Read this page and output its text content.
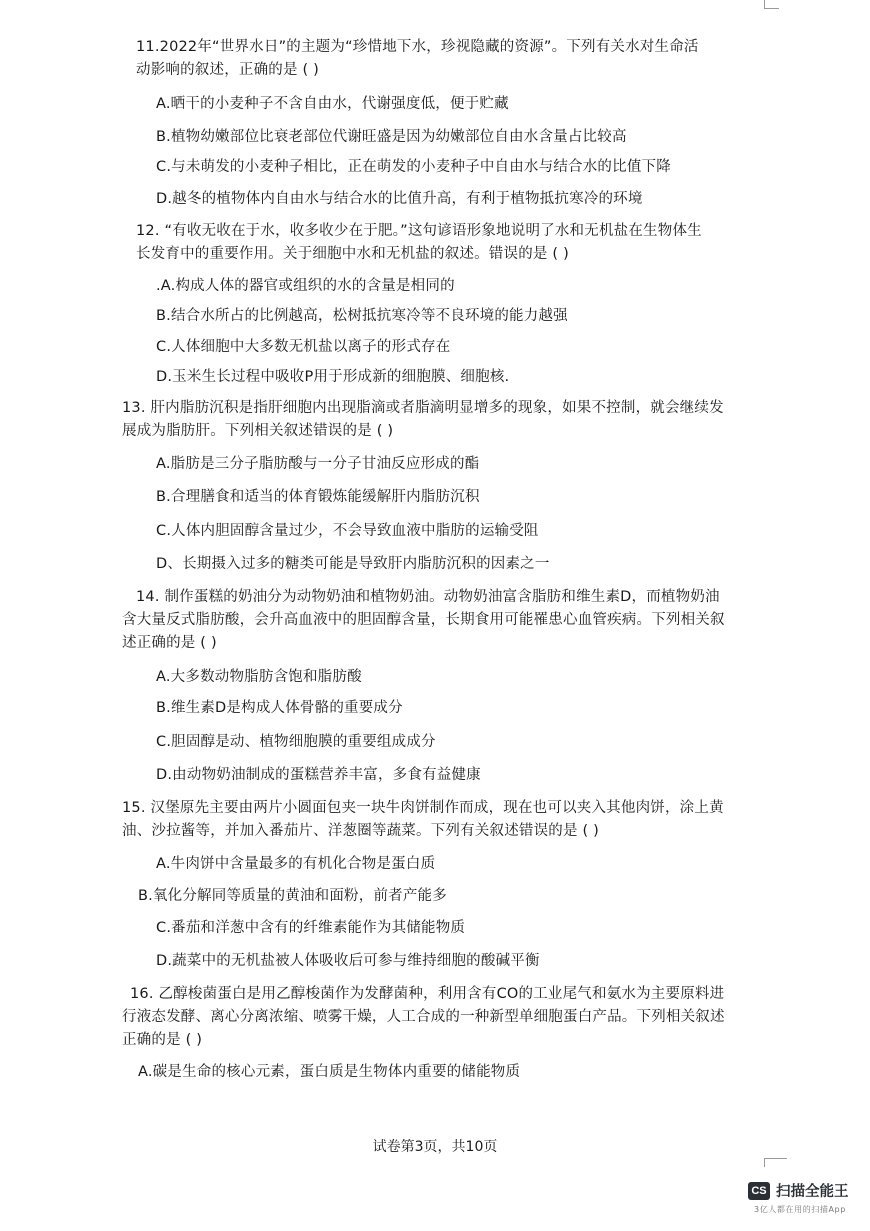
11.2022年“世界水日”的主题为“珍惜地下水，珍视隐藏的资源”。下列有关水对生命活
动影响的叙述，正确的是 ( )
A.晒干的小麦种子不含自由水，代谢强度低，便于贮藏
B.植物幼嫩部位比衰老部位代谢旺盛是因为幼嫩部位自由水含量占比较高
C.与未萌发的小麦种子相比，正在萌发的小麦种子中自由水与结合水的比值下降
D.越冬的植物体内自由水与结合水的比值升高，有利于植物抵抗寒冷的环境
12. “有收无收在于水，收多收少在于肥。”这句谚语形象地说明了水和无机盐在生物体生
长发育中的重要作用。关于细胞中水和无机盐的叙述。错误的是 ( )
.A.构成人体的器官或组织的水的含量是相同的
B.结合水所占的比例越高，松树抵抗寒冷等不良环境的能力越强
C.人体细胞中大多数无机盐以离子的形式存在
D.玉米生长过程中吸收P用于形成新的细胞膜、细胞核.
13. 肝内脂肪沉积是指肝细胞内出现脂滴或者脂滴明显增多的现象，如果不控制，就会继续发
展成为脂肪肝。下列相关叙述错误的是 ( )
A.脂肪是三分子脂肪酸与一分子甘油反应形成的酯
B.合理膳食和适当的体育锻炼能缓解肝内脂肪沉积
C.人体内胆固醇含量过少，不会导致血液中脂肪的运输受阻
D、长期摄入过多的糖类可能是导致肝内脂肪沉积的因素之一
14. 制作蛋糕的奶油分为动物奶油和植物奶油。动物奶油富含脂肪和维生素D，而植物奶油
含大量反式脂肪酸，会升高血液中的胆固醇含量，长期食用可能罹患心血管疾病。下列相关叙
述正确的是 ( )
A.大多数动物脂肪含饱和脂肪酸
B.维生素D是构成人体骨骼的重要成分
C.胆固醇是动、植物细胞膜的重要组成成分
D.由动物奶油制成的蛋糕营养丰富，多食有益健康
15. 汉堡原先主要由两片小圆面包夹一块牛肉饼制作而成，现在也可以夹入其他肉饼，涂上黄
油、沙拉酱等，并加入番茄片、洋葱圈等蔬菜。下列有关叙述错误的是 ( )
A.牛肉饼中含量最多的有机化合物是蛋白质
B.氧化分解同等质量的黄油和面粉，前者产能多
C.番茄和洋葱中含有的纤维素能作为其储能物质
D.蔬菜中的无机盐被人体吸收后可参与维持细胞的酸碱平衡
16. 乙醇梭菌蛋白是用乙醇梭菌作为发酵菌种，利用含有CO的工业尾气和氨水为主要原料进
行液态发酵、离心分离浓缩、喷雾干燥，人工合成的一种新型单细胞蛋白产品。下列相关叙述
正确的是 ( )
A.碳是生命的核心元素，蛋白质是生物体内重要的储能物质
试卷第3页，共10页
CS 扫描全能王
3亿人都在用的扫描App
